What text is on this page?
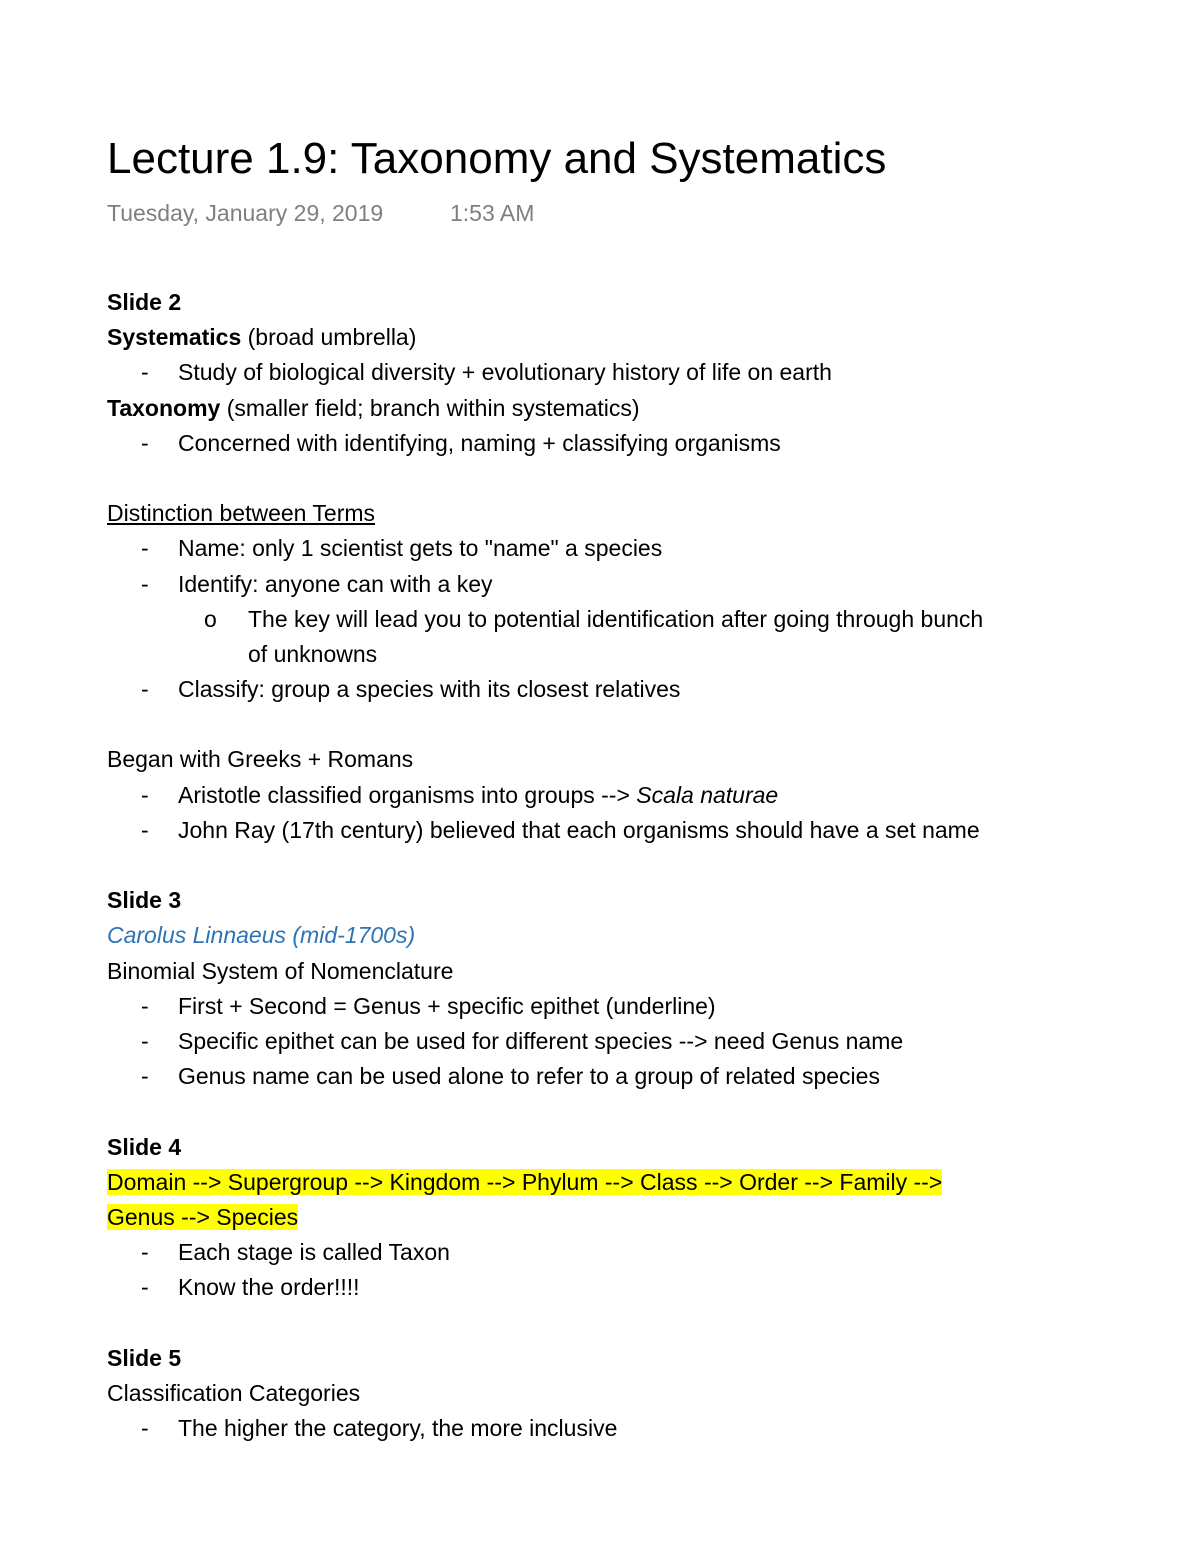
Lecture 1.9: Taxonomy and Systematics
Tuesday, January 29, 2019	1:53 AM
Slide 2
Systematics (broad umbrella)
- Study of biological diversity + evolutionary history of life on earth
Taxonomy (smaller field; branch within systematics)
- Concerned with identifying, naming + classifying organisms
Distinction between Terms
- Name: only 1 scientist gets to "name" a species
- Identify: anyone can with a key
o The key will lead you to potential identification after going through bunch
of unknowns
- Classify: group a species with its closest relatives
Began with Greeks + Romans
- Aristotle classified organisms into groups --> Scala naturae
- John Ray (17th century) believed that each organisms should have a set name
Slide 3
Carolus Linnaeus (mid-1700s)
Binomial System of Nomenclature
- First + Second = Genus + specific epithet (underline)
- Specific epithet can be used for different species --> need Genus name
- Genus name can be used alone to refer to a group of related species
Slide 4
Domain --> Supergroup --> Kingdom --> Phylum --> Class --> Order --> Family -->
Genus --> Species
- Each stage is called Taxon
- Know the order!!!!
Slide 5
Classification Categories
- The higher the category, the more inclusive
